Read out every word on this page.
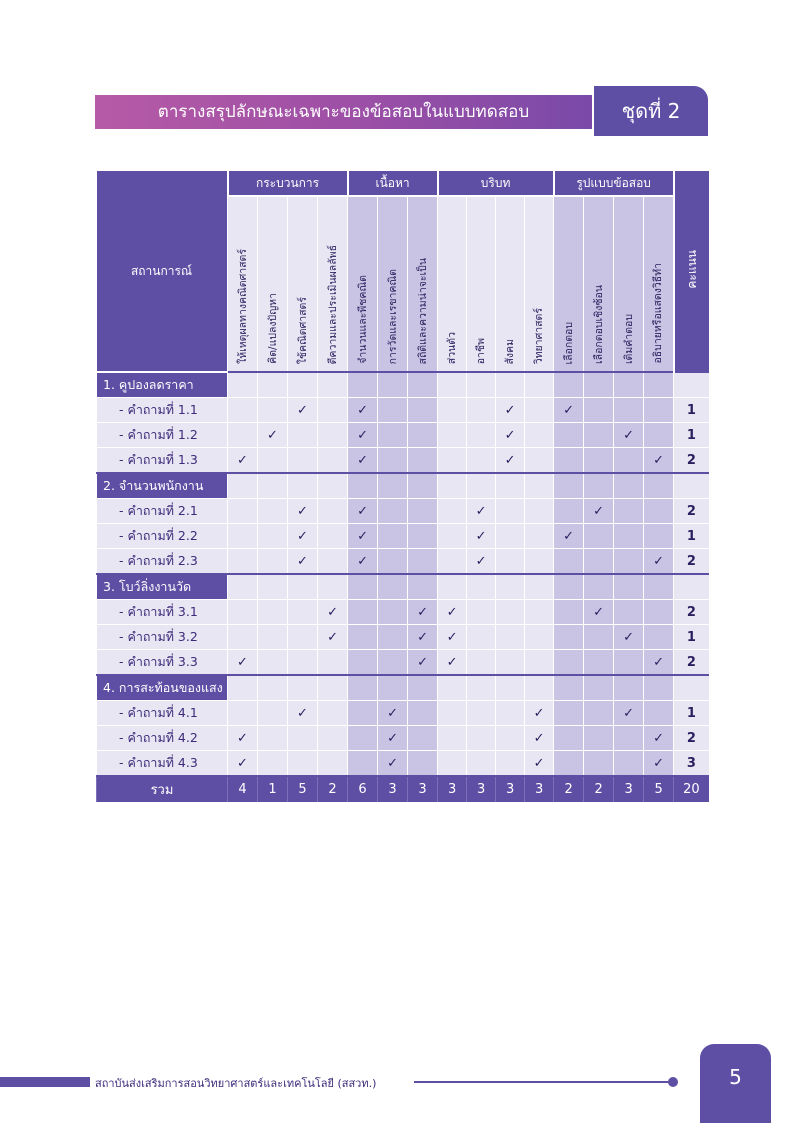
ตารางสรุปลักษณะเฉพาะของข้อสอบในแบบทดสอบ	ชุดที่ 2
สถานการณ์	กระบวนการ				เนื้อหา			บริบท				รูปแบบข้อสอบ				คะแนน
	ให้เหตุผลทางคณิตศาสตร์	คิด/แปลงปัญหา	ใช้คณิตศาสตร์	ตีความและประเมินผลลัพธ์	จำนวนและพีชคณิต	การวัดและเรขาคณิต	สถิติและความน่าจะเป็น	ส่วนตัว	อาชีพ	สังคม	วิทยาศาสตร์	เลือกตอบ	เลือกตอบเชิงซ้อน	เติมคำตอบ	อธิบายหรือแสดงวิธีทำ	
1. คูปองลดราคา																
- คำถามที่ 1.1			✓		✓					✓		✓				1
- คำถามที่ 1.2		✓			✓					✓				✓		1
- คำถามที่ 1.3	✓				✓					✓					✓	2
2. จำนวนพนักงาน																
- คำถามที่ 2.1			✓		✓				✓				✓			2
- คำถามที่ 2.2			✓		✓				✓			✓				1
- คำถามที่ 2.3			✓		✓				✓						✓	2
3. โบว์ลิ่งงานวัด																
- คำถามที่ 3.1				✓			✓	✓					✓			2
- คำถามที่ 3.2				✓			✓	✓						✓		1
- คำถามที่ 3.3	✓						✓	✓							✓	2
4. การสะท้อนของแสง																
- คำถามที่ 4.1			✓			✓					✓			✓		1
- คำถามที่ 4.2	✓					✓					✓				✓	2
- คำถามที่ 4.3	✓					✓					✓				✓	3
รวม	4	1	5	2	6	3	3	3	3	3	3	2	2	3	5	20
สถาบันส่งเสริมการสอนวิทยาศาสตร์และเทคโนโลยี (สสวท.)	5
